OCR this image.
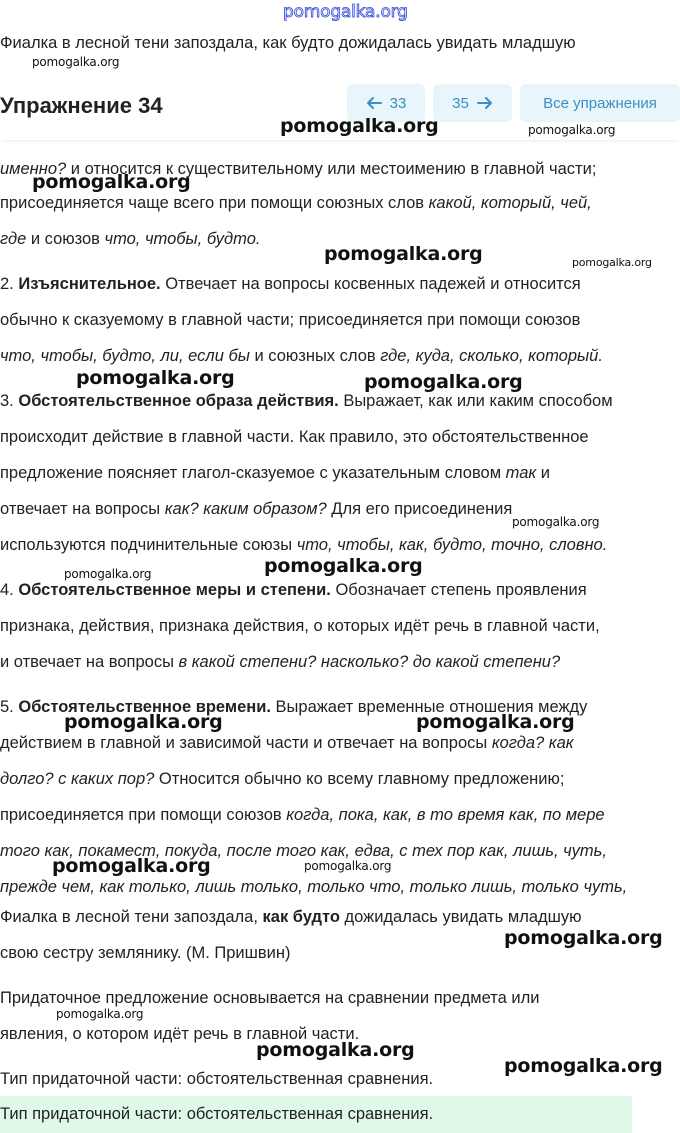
pomogalka.org
Фиалка в лесной тени запоздала, как будто дожидалась увидать младшую
pomogalka.org
именно? и относится к существительному или местоимению в главной части;
присоединяется чаще всего при помощи союзных слов какой, который, чей,
где и союзов что, чтобы, будто.
2. Изъяснительное. Отвечает на вопросы косвенных падежей и относится
обычно к сказуемому в главной части; присоединяется при помощи союзов
что, чтобы, будто, ли, если бы и союзных слов где, куда, сколько, который.
3. Обстоятельственное образа действия. Выражает, как или каким способом
происходит действие в главной части. Как правило, это обстоятельственное
предложение поясняет глагол-сказуемое с указательным словом так и
отвечает на вопросы как? каким образом? Для его присоединения
используются подчинительные союзы что, чтобы, как, будто, точно, словно.
4. Обстоятельственное меры и степени. Обозначает степень проявления
признака, действия, признака действия, о которых идёт речь в главной части,
и отвечает на вопросы в какой степени? насколько? до какой степени?
5. Обстоятельственное времени. Выражает временные отношения между
действием в главной и зависимой части и отвечает на вопросы когда? как
долго? с каких пор? Относится обычно ко всему главному предложению;
присоединяется при помощи союзов когда, пока, как, в то время как, по мере
того как, покамест, покуда, после того как, едва, с тех пор как, лишь, чуть,
прежде чем, как только, лишь только, только что, только лишь, только чуть,
Фиалка в лесной тени запоздала, как будто дожидалась увидать младшую
свою сестру землянику. (М. Пришвин)
Придаточное предложение основывается на сравнении предмета или
явления, о котором идёт речь в главной части.
Тип придаточной части: обстоятельственная сравнения.
Тип придаточной части: обстоятельственная сравнения.
Упражнение 34	33	35	Все упражнения
pomogalka.org	pomogalka.org
pomogalka.org
pomogalka.org	pomogalka.org
pomogalka.org	pomogalka.org
pomogalka.org
pomogalka.org
pomogalka.org
pomogalka.org	pomogalka.org
pomogalka.org	pomogalka.org
pomogalka.org
pomogalka.org
pomogalka.org
pomogalka.org
